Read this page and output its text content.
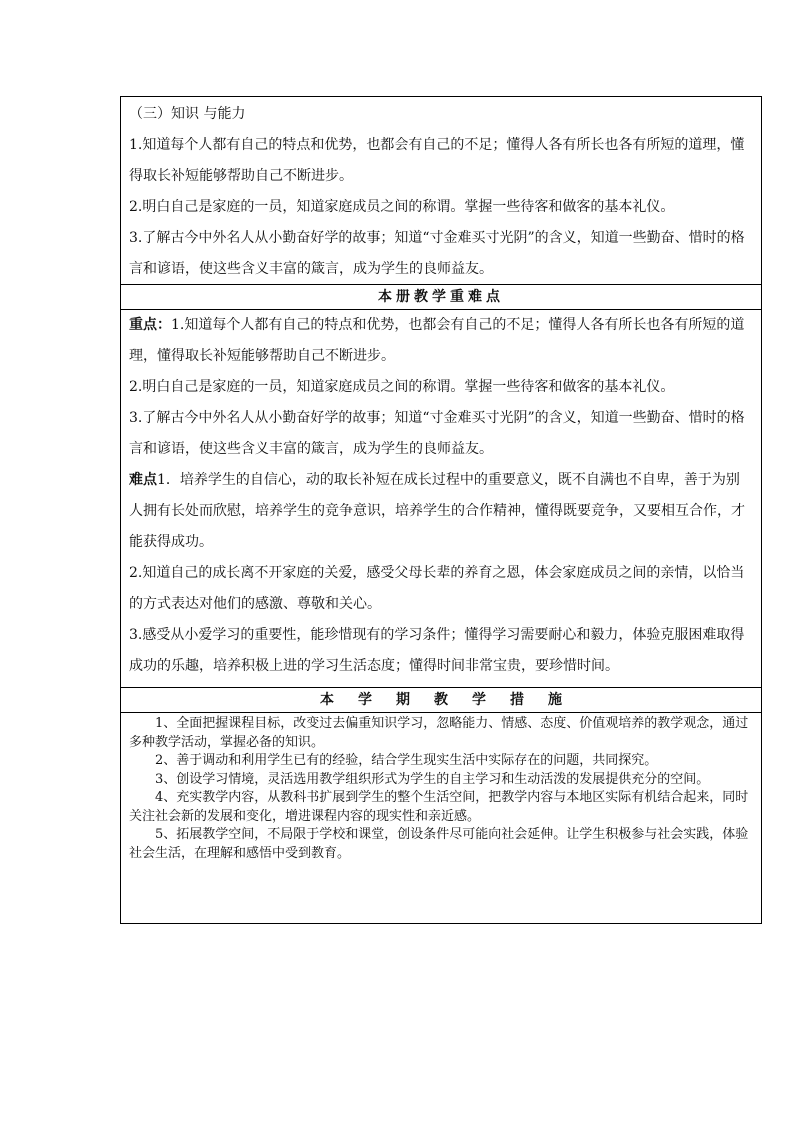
（三）知识 与能力

1.知道每个人都有自己的特点和优势，也都会有自己的不足；懂得人各有所长也各有所短的道理，懂得取长补短能够帮助自己不断进步。

2.明白自己是家庭的一员，知道家庭成员之间的称谓。掌握一些待客和做客的基本礼仪。

3.了解古今中外名人从小勤奋好学的故事；知道“寸金难买寸光阴”的含义，知道一些勤奋、惜时的格言和谚语，使这些含义丰富的箴言，成为学生的良师益友。

本册教学重难点

重点：1.知道每个人都有自己的特点和优势，也都会有自己的不足；懂得人各有所长也各有所短的道理，懂得取长补短能够帮助自己不断进步。

2.明白自己是家庭的一员，知道家庭成员之间的称谓。掌握一些待客和做客的基本礼仪。

3.了解古今中外名人从小勤奋好学的故事；知道“寸金难买寸光阴”的含义，知道一些勤奋、惜时的格言和谚语，使这些含义丰富的箴言，成为学生的良师益友。

难点1．培养学生的自信心，动的取长补短在成长过程中的重要意义，既不自满也不自卑，善于为别人拥有长处而欣慰，培养学生的竞争意识，培养学生的合作精神，懂得既要竞争，又要相互合作，才能获得成功。

2.知道自己的成长离不开家庭的关爱，感受父母长辈的养育之恩，体会家庭成员之间的亲情，以恰当的方式表达对他们的感激、尊敬和关心。

3.感受从小爱学习的重要性，能珍惜现有的学习条件；懂得学习需要耐心和毅力，体验克服困难取得成功的乐趣，培养积极上进的学习生活态度；懂得时间非常宝贵，要珍惜时间。

本 学 期 教 学 措 施

1、全面把握课程目标，改变过去偏重知识学习，忽略能力、情感、态度、价值观培养的教学观念，通过多种教学活动，掌握必备的知识。

2、善于调动和利用学生已有的经验，结合学生现实生活中实际存在的问题，共同探究。

3、创设学习情境，灵活选用教学组织形式为学生的自主学习和生动活泼的发展提供充分的空间。

4、充实教学内容，从教科书扩展到学生的整个生活空间，把教学内容与本地区实际有机结合起来，同时关注社会新的发展和变化，增进课程内容的现实性和亲近感。

5、拓展教学空间，不局限于学校和课堂，创设条件尽可能向社会延伸。让学生积极参与社会实践，体验社会生活，在理解和感悟中受到教育。
